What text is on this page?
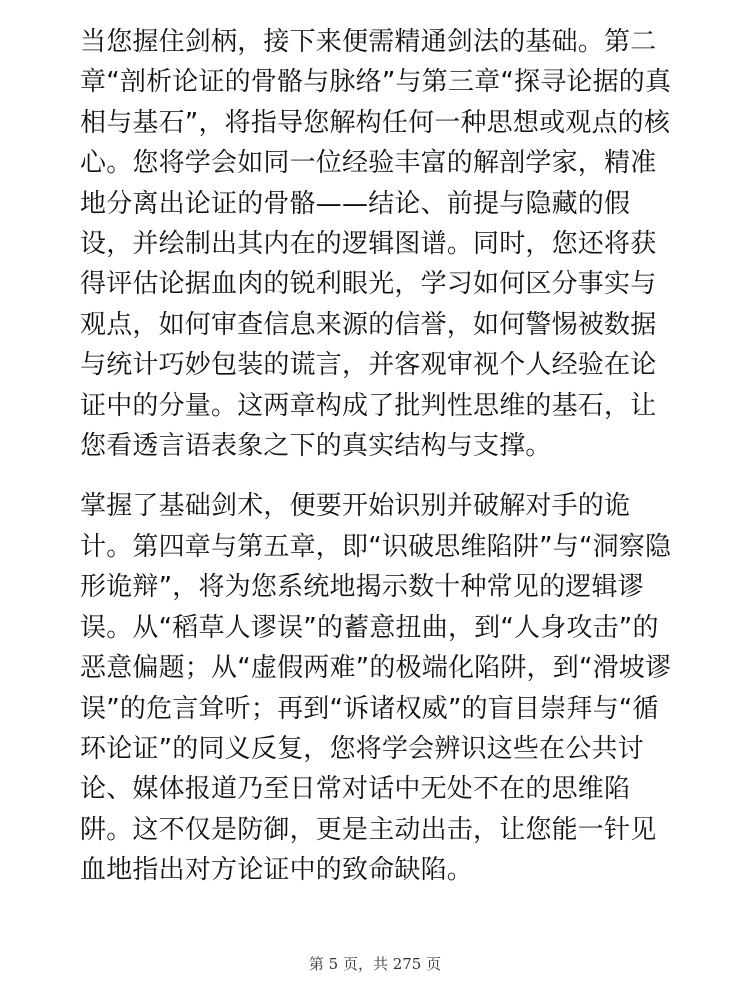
当您握住剑柄，接下来便需精通剑法的基础。第二章“剖析论证的骨骼与脉络”与第三章“探寻论据的真相与基石”，将指导您解构任何一种思想或观点的核心。您将学会如同一位经验丰富的解剖学家，精准地分离出论证的骨骼——结论、前提与隐藏的假设，并绘制出其内在的逻辑图谱。同时，您还将获得评估论据血肉的锐利眼光，学习如何区分事实与观点，如何审查信息来源的信誉，如何警惕被数据与统计巧妙包装的谎言，并客观审视个人经验在论证中的分量。这两章构成了批判性思维的基石，让您看透言语表象之下的真实结构与支撑。

掌握了基础剑术，便要开始识别并破解对手的诡计。第四章与第五章，即“识破思维陷阱”与“洞察隐形诡辩”，将为您系统地揭示数十种常见的逻辑谬误。从“稻草人谬误”的蓄意扭曲，到“人身攻击”的恶意偏题；从“虚假两难”的极端化陷阱，到“滑坡谬误”的危言耸听；再到“诉诸权威”的盲目崇拜与“循环论证”的同义反复，您将学会辨识这些在公共讨论、媒体报道乃至日常对话中无处不在的思维陷阱。这不仅是防御，更是主动出击，让您能一针见血地指出对方论证中的致命缺陷。

第 5 页，共 275 页
